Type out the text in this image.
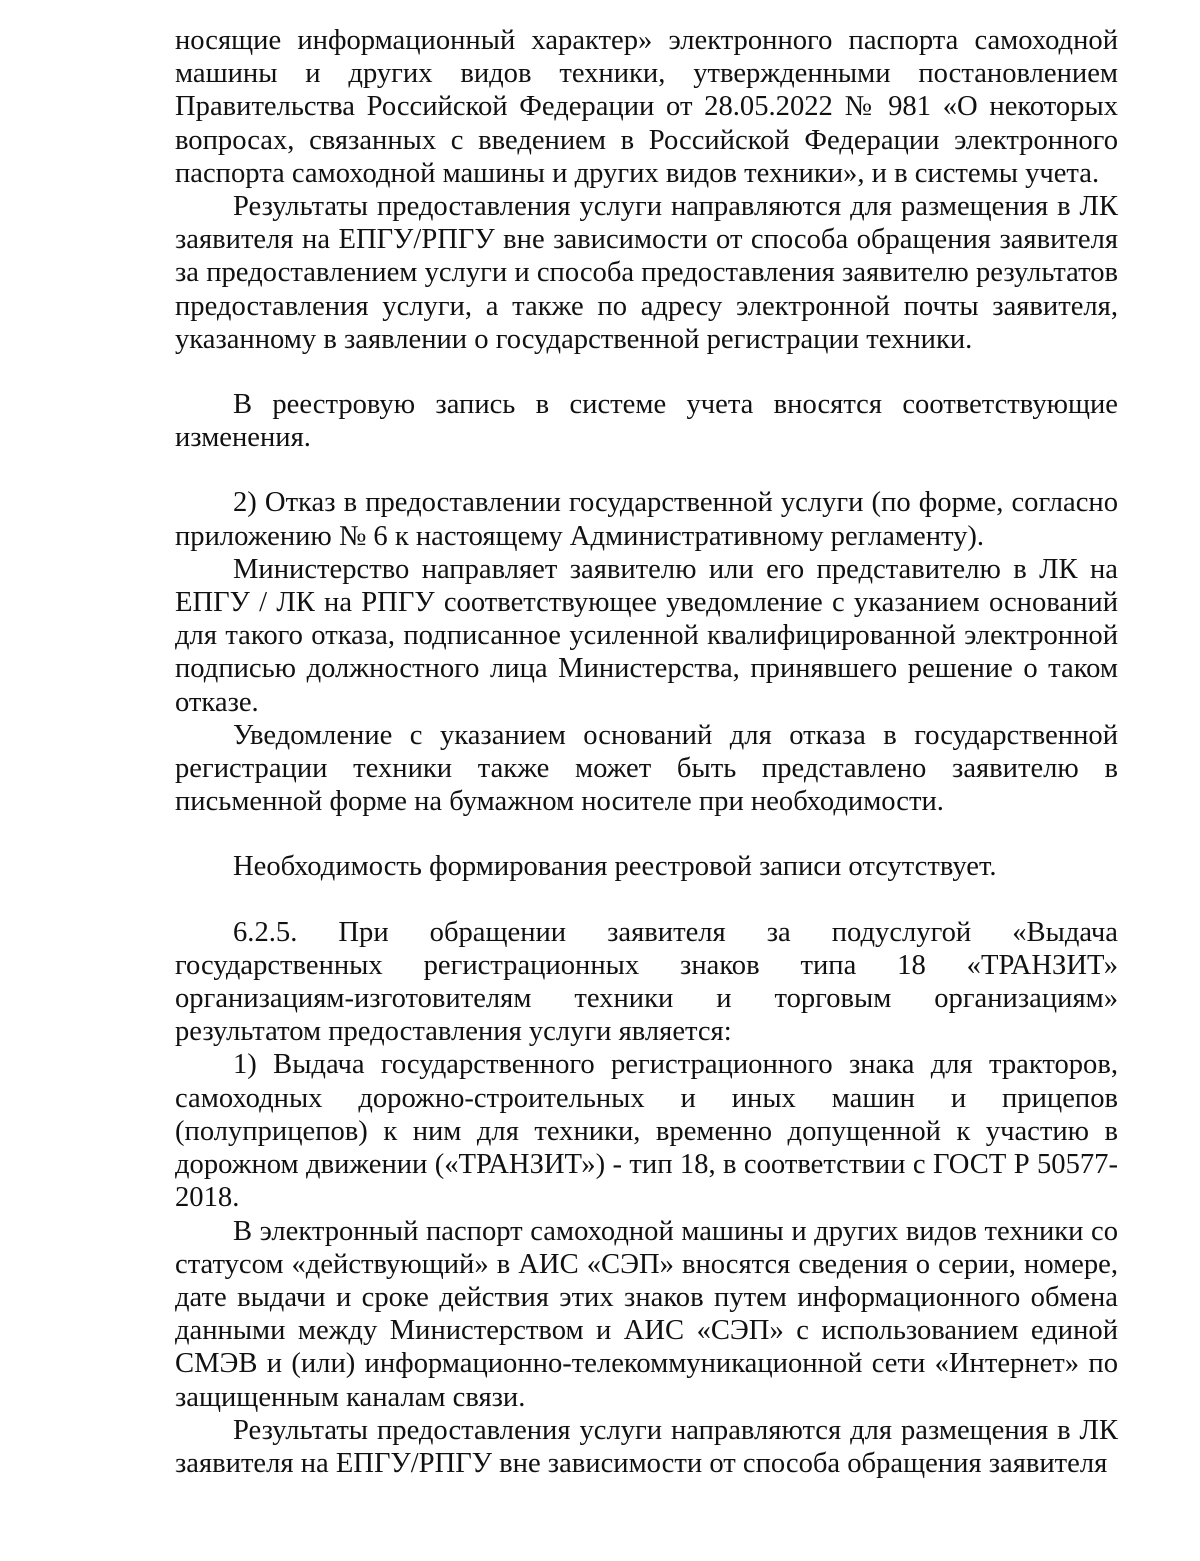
носящие информационный характер» электронного паспорта самоходной машины и других видов техники, утвержденными постановлением Правительства Российской Федерации от 28.05.2022 № 981 «О некоторых вопросах, связанных с введением в Российской Федерации электронного паспорта самоходной машины и других видов техники», и в системы учета.

Результаты предоставления услуги направляются для размещения в ЛК заявителя на ЕПГУ/РПГУ вне зависимости от способа обращения заявителя за предоставлением услуги и способа предоставления заявителю результатов предоставления услуги, а также по адресу электронной почты заявителя, указанному в заявлении о государственной регистрации техники.

В реестровую запись в системе учета вносятся соответствующие изменения.

2) Отказ в предоставлении государственной услуги (по форме, согласно приложению № 6 к настоящему Административному регламенту).

Министерство направляет заявителю или его представителю в ЛК на ЕПГУ / ЛК на РПГУ соответствующее уведомление с указанием оснований для такого отказа, подписанное усиленной квалифицированной электронной подписью должностного лица Министерства, принявшего решение о таком отказе.

Уведомление с указанием оснований для отказа в государственной регистрации техники также может быть представлено заявителю в письменной форме на бумажном носителе при необходимости.

Необходимость формирования реестровой записи отсутствует.

6.2.5. При обращении заявителя за подуслугой «Выдача государственных регистрационных знаков типа 18 «ТРАНЗИТ» организациям-изготовителям техники и торговым организациям» результатом предоставления услуги является:

1) Выдача государственного регистрационного знака для тракторов, самоходных дорожно-строительных и иных машин и прицепов (полуприцепов) к ним для техники, временно допущенной к участию в дорожном движении («ТРАНЗИТ») - тип 18, в соответствии с ГОСТ Р 50577-2018.

В электронный паспорт самоходной машины и других видов техники со статусом «действующий» в АИС «СЭП» вносятся сведения о серии, номере, дате выдачи и сроке действия этих знаков путем информационного обмена данными между Министерством и АИС «СЭП» с использованием единой СМЭВ и (или) информационно-телекоммуникационной сети «Интернет» по защищенным каналам связи.

Результаты предоставления услуги направляются для размещения в ЛК заявителя на ЕПГУ/РПГУ вне зависимости от способа обращения заявителя
